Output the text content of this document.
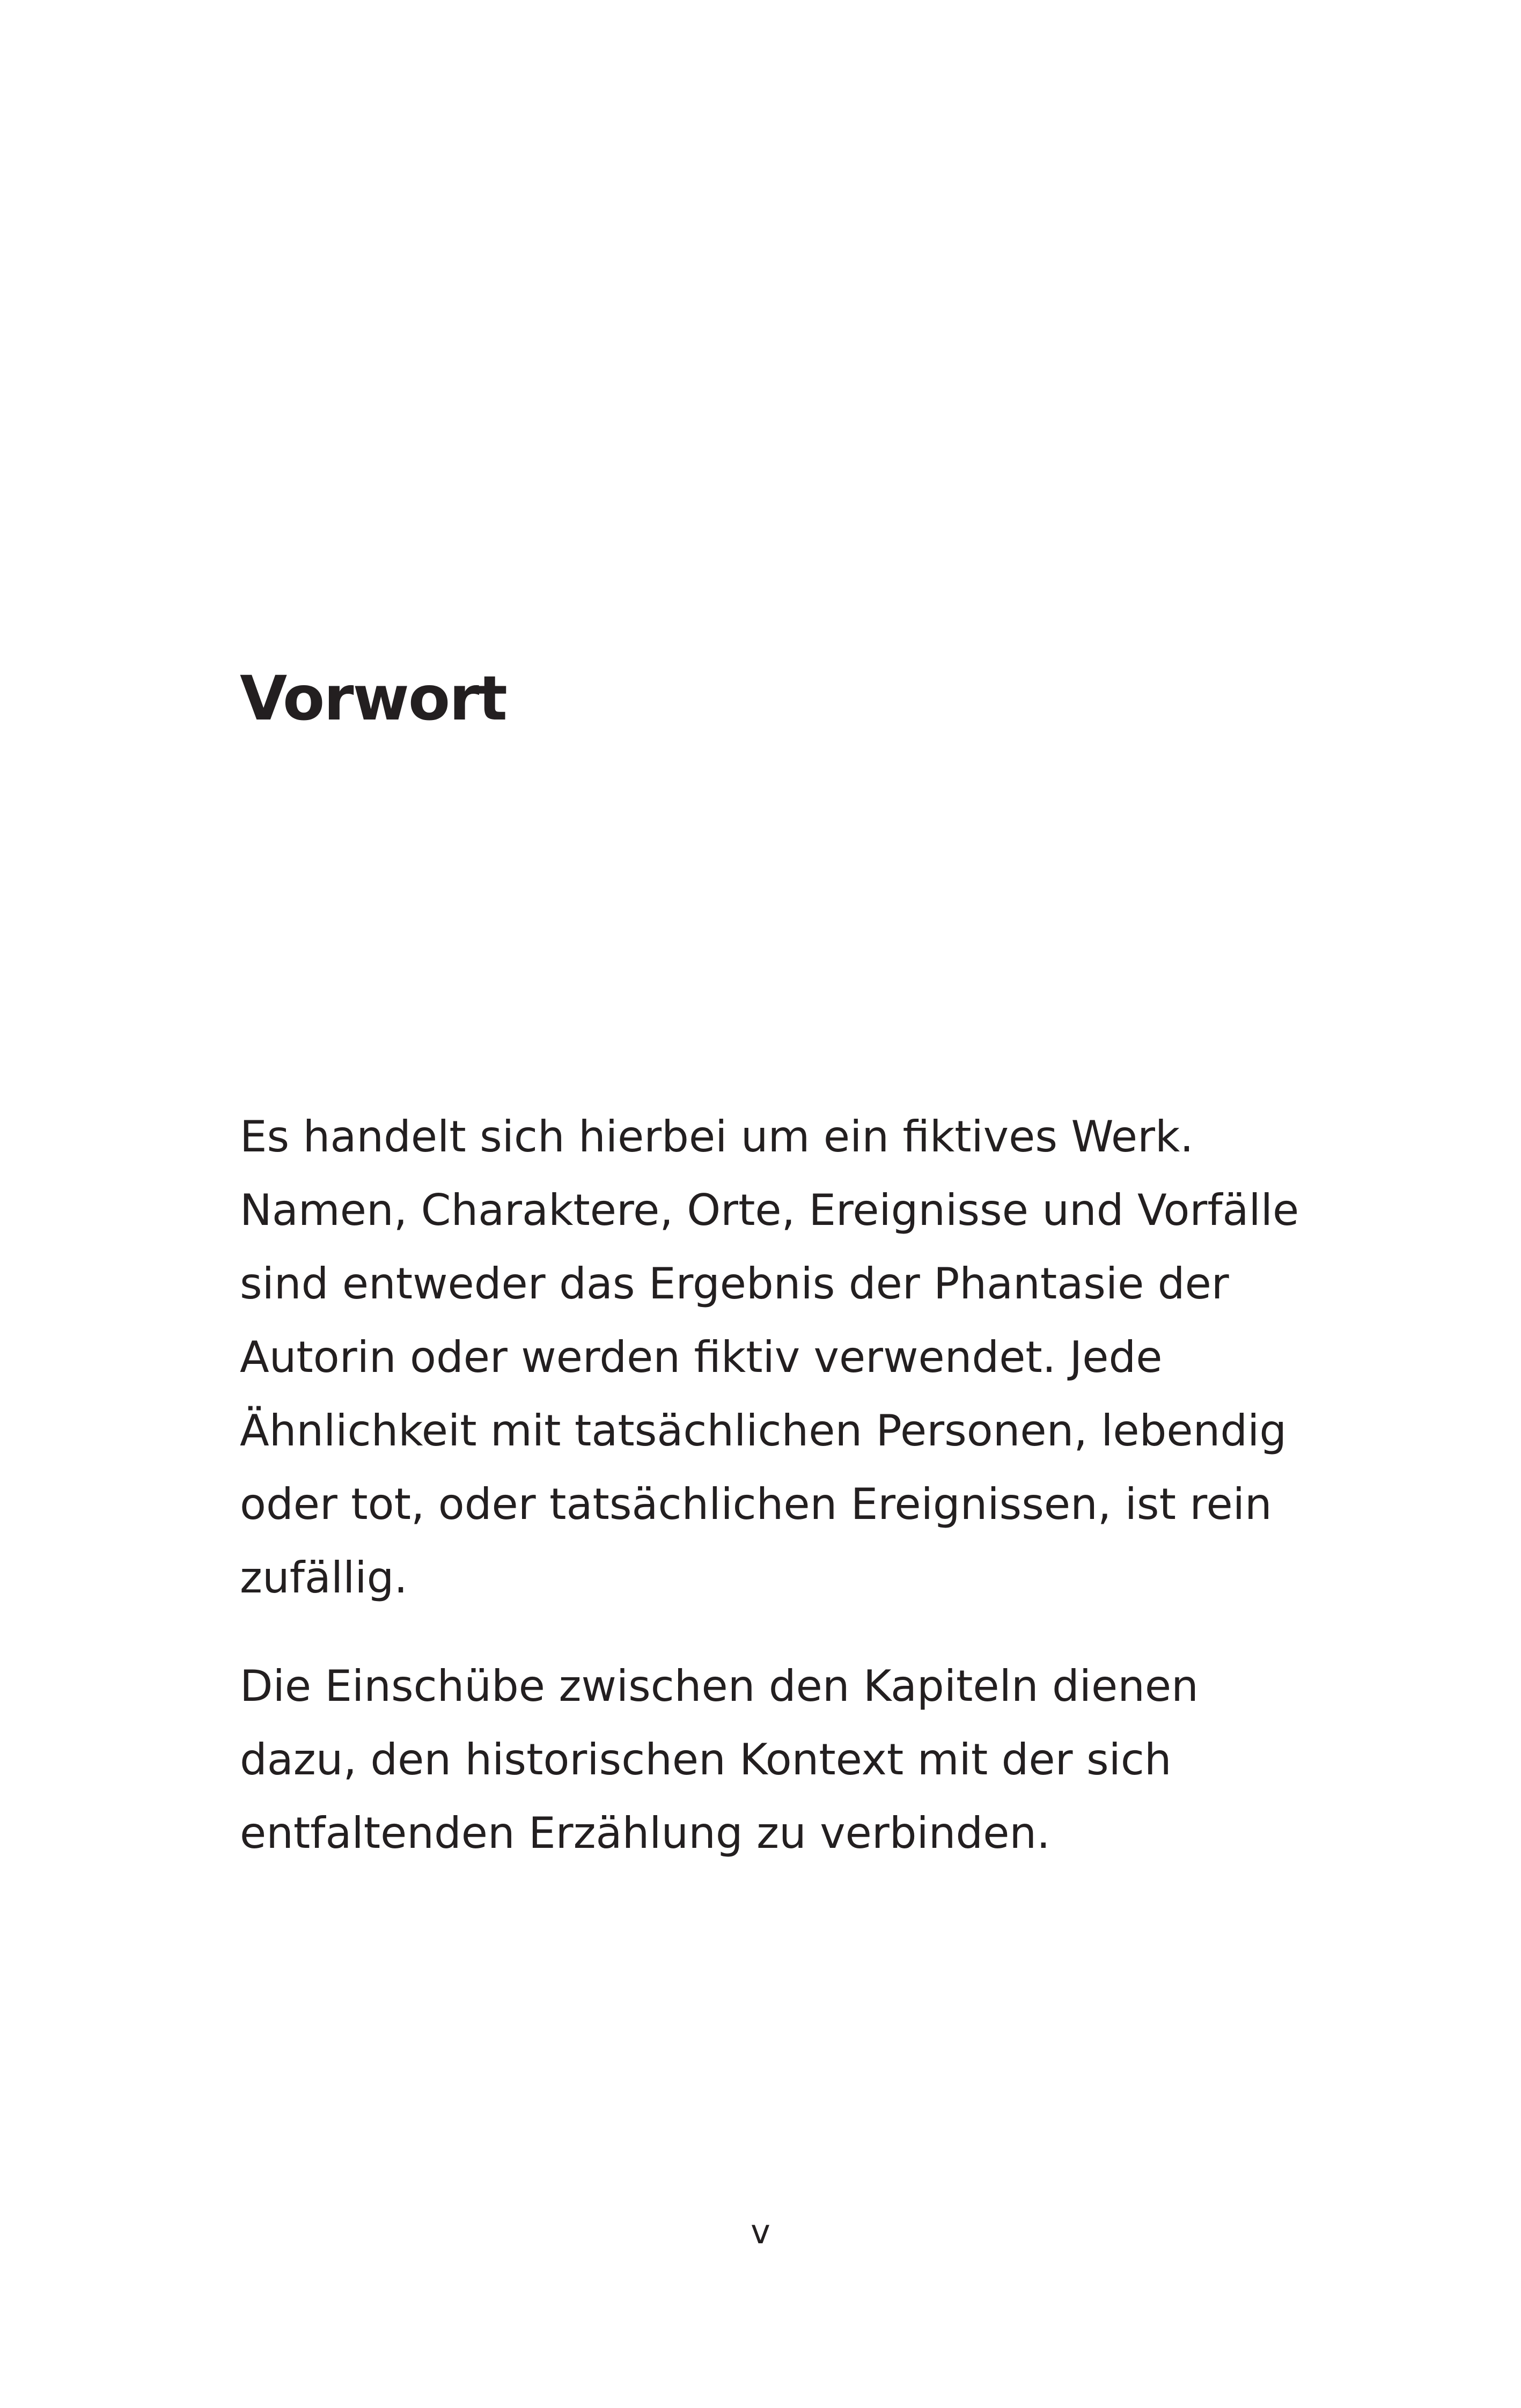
Vorwort

Es handelt sich hierbei um ein fiktives Werk.
Namen, Charaktere, Orte, Ereignisse und Vorfälle
sind entweder das Ergebnis der Phantasie der
Autorin oder werden fiktiv verwendet. Jede
Ähnlichkeit mit tatsächlichen Personen, lebendig
oder tot, oder tatsächlichen Ereignissen, ist rein
zufällig.

Die Einschübe zwischen den Kapiteln dienen
dazu, den historischen Kontext mit der sich
entfaltenden Erzählung zu verbinden.

v
